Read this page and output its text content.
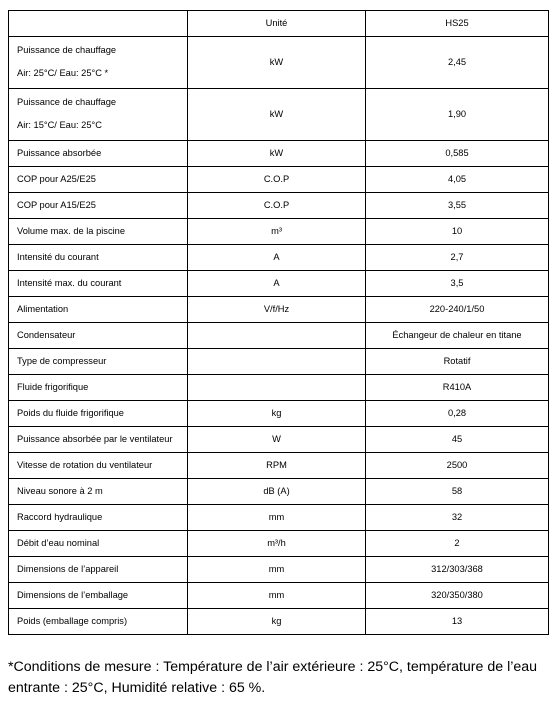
	Unité	HS25
Puissance de chauffage
Air: 25°C/ Eau: 25°C *	kW	2,45
Puissance de chauffage
Air: 15°C/ Eau: 25°C	kW	1,90
Puissance absorbée	kW	0,585
COP pour A25/E25	C.O.P	4,05
COP pour A15/E25	C.O.P	3,55
Volume max. de la piscine	m³	10
Intensité du courant	A	2,7
Intensité max. du courant	A	3,5
Alimentation	V/f/Hz	220-240/1/50
Condensateur		Échangeur de chaleur en titane
Type de compresseur		Rotatif
Fluide frigorifique		R410A
Poids du fluide frigorifique	kg	0,28
Puissance absorbée par le ventilateur	W	45
Vitesse de rotation du ventilateur	RPM	2500
Niveau sonore à 2 m	dB (A)	58
Raccord hydraulique	mm	32
Débit d’eau nominal	m³/h	2
Dimensions de l’appareil	mm	312/303/368
Dimensions de l’emballage	mm	320/350/380
Poids (emballage compris)	kg	13
*Conditions de mesure : Température de l’air extérieure : 25°C, température de l’eau entrante : 25°C, Humidité relative : 65 %.
